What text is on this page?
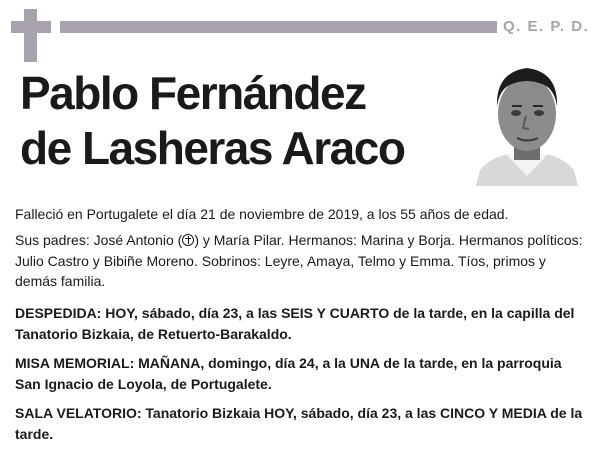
Q. E. P. D.
Pablo Fernández
de Lasheras Araco

Falleció en Portugalete el día 21 de noviembre de 2019, a los 55 años de edad.

Sus padres: José Antonio ( ) y María Pilar. Hermanos: Marina y Borja. Hermanos políticos: Julio Castro y Bibiñe Moreno. Sobrinos: Leyre, Amaya, Telmo y Emma. Tíos, primos y demás familia.

DESPEDIDA: HOY, sábado, día 23, a las SEIS Y CUARTO de la tarde, en la capilla del Tanatorio Bizkaia, de Retuerto-Barakaldo.

MISA MEMORIAL: MAÑANA, domingo, día 24, a la UNA de la tarde, en la parroquia San Ignacio de Loyola, de Portugalete.

SALA VELATORIO: Tanatorio Bizkaia HOY, sábado, día 23, a las CINCO Y MEDIA de la tarde.
